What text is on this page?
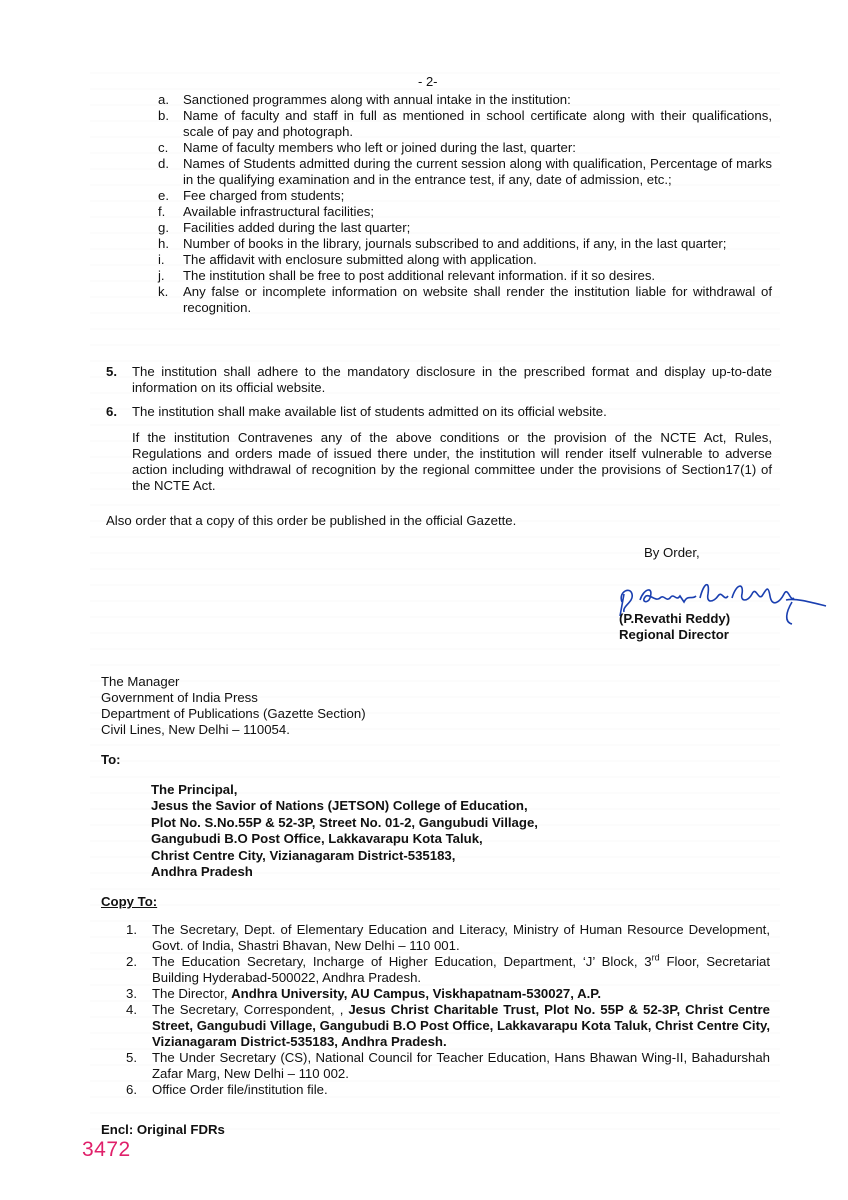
- 2-
a. Sanctioned programmes along with annual intake in the institution:
b. Name of faculty and staff in full as mentioned in school certificate along with their qualifications, scale of pay and photograph.
c. Name of faculty members who left or joined during the last, quarter:
d. Names of Students admitted during the current session along with qualification, Percentage of marks in the qualifying examination and in the entrance test, if any, date of admission, etc.;
e. Fee charged from students;
f. Available infrastructural facilities;
g. Facilities added during the last quarter;
h. Number of books in the library, journals subscribed to and additions, if any, in the last quarter;
i. The affidavit with enclosure submitted along with application.
j. The institution shall be free to post additional relevant information. if it so desires.
k. Any false or incomplete information on website shall render the institution liable for withdrawal of recognition.
5.	The institution shall adhere to the mandatory disclosure in the prescribed format and display up-to-date information on its official website.
6.	The institution shall make available list of students admitted on its official website.
If the institution Contravenes any of the above conditions or the provision of the NCTE Act, Rules, Regulations and orders made of issued there under, the institution will render itself vulnerable to adverse action including withdrawal of recognition by the regional committee under the provisions of Section17(1) of the NCTE Act.
Also order that a copy of this order be published in the official Gazette.
By Order,
(P.Revathi Reddy)
Regional Director
The Manager
Government of India Press
Department of Publications (Gazette Section)
Civil Lines, New Delhi – 110054.
To:
The Principal,
Jesus the Savior of Nations (JETSON) College of Education,
Plot No. S.No.55P & 52-3P, Street No. 01-2, Gangubudi Village,
Gangubudi B.O Post Office, Lakkavarapu Kota Taluk,
Christ Centre City, Vizianagaram District-535183,
Andhra Pradesh
Copy To:
1. The Secretary, Dept. of Elementary Education and Literacy, Ministry of Human Resource Development, Govt. of India, Shastri Bhavan, New Delhi – 110 001.
2. The Education Secretary, Incharge of Higher Education, Department, ‘J’ Block, 3rd Floor, Secretariat Building Hyderabad-500022, Andhra Pradesh.
3. The Director, Andhra University, AU Campus, Viskhapatnam-530027, A.P.
4. The Secretary, Correspondent, , Jesus Christ Charitable Trust, Plot No. 55P & 52-3P, Christ Centre Street, Gangubudi Village, Gangubudi B.O Post Office, Lakkavarapu Kota Taluk, Christ Centre City, Vizianagaram District-535183, Andhra Pradesh.
5. The Under Secretary (CS), National Council for Teacher Education, Hans Bhawan Wing-II, Bahadurshah Zafar Marg, New Delhi – 110 002.
6. Office Order file/institution file.
Encl: Original FDRs
3472
